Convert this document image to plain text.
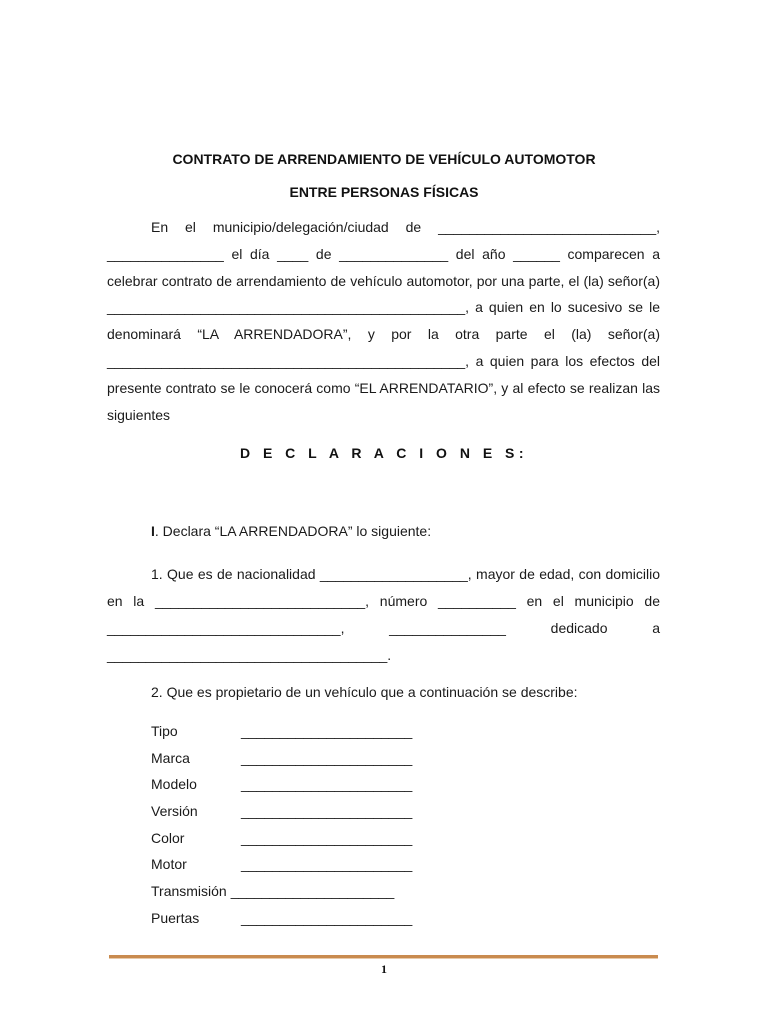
CONTRATO DE ARRENDAMIENTO DE VEHÍCULO AUTOMOTOR
ENTRE PERSONAS FÍSICAS

En el municipio/delegación/ciudad de ____________________________, _______________ el día ____ de ______________ del año ______ comparecen a celebrar contrato de arrendamiento de vehículo automotor, por una parte, el (la) señor(a) ______________________________________________, a quien en lo sucesivo se le denominará “LA ARRENDADORA”, y por la otra parte el (la) señor(a) ______________________________________________, a quien para los efectos del presente contrato se le conocerá como “EL ARRENDATARIO”, y al efecto se realizan las siguientes

D E C L A R A C I O N E S:
I. Declara “LA ARRENDADORA” lo siguiente:

1. Que es de nacionalidad ___________________, mayor de edad, con domicilio en la ___________________________, número __________ en el municipio de ______________________________, _______________ dedicado a ____________________________________.

2. Que es propietario de un vehículo que a continuación se describe:
Tipo	______________________
Marca	______________________
Modelo	______________________
Versión	______________________
Color	______________________
Motor	______________________
Transmisión _____________________
Puertas	______________________
1
